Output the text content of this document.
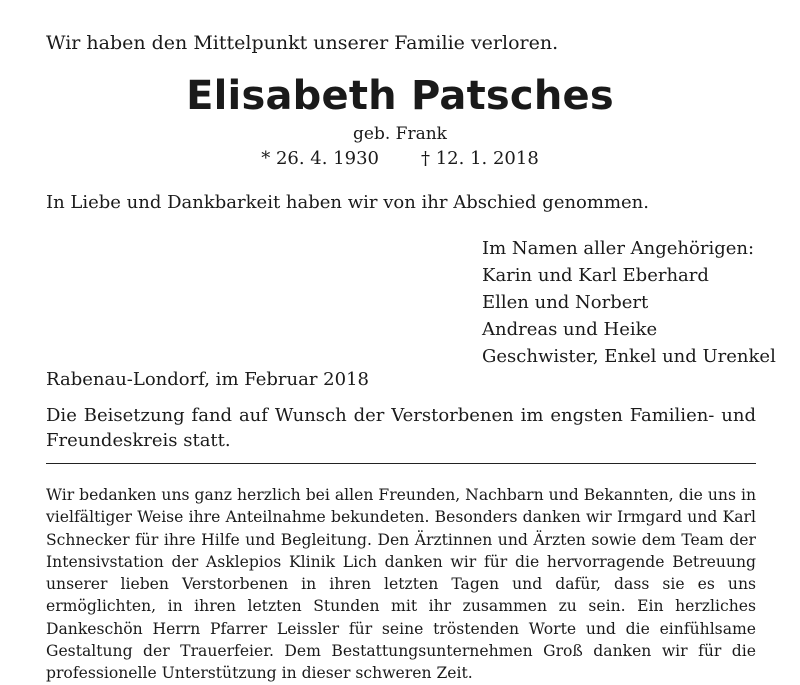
Wir haben den Mittelpunkt unserer Familie verloren.
Elisabeth Patsches
geb. Frank
* 26. 4. 1930 † 12. 1. 2018
In Liebe und Dankbarkeit haben wir von ihr Abschied genommen.
Im Namen aller Angehörigen:
Karin und Karl Eberhard
Ellen und Norbert
Andreas und Heike
Geschwister, Enkel und Urenkel
Rabenau-Londorf, im Februar 2018
Die Beisetzung fand auf Wunsch der Verstorbenen im engsten Familien- und Freundeskreis statt.
Wir bedanken uns ganz herzlich bei allen Freunden, Nachbarn und Bekannten, die uns in vielfältiger Weise ihre Anteilnahme bekundeten. Besonders danken wir Irmgard und Karl Schnecker für ihre Hilfe und Begleitung. Den Ärztinnen und Ärzten sowie dem Team der Intensivstation der Asklepios Klinik Lich danken wir für die hervorragende Betreuung unserer lieben Verstorbenen in ihren letzten Tagen und dafür, dass sie es uns ermöglichten, in ihren letzten Stunden mit ihr zusammen zu sein. Ein herzliches Dankeschön Herrn Pfarrer Leissler für seine tröstenden Worte und die einfühlsame Gestaltung der Trauerfeier. Dem Bestattungsunternehmen Groß danken wir für die professionelle Unterstützung in dieser schweren Zeit.
